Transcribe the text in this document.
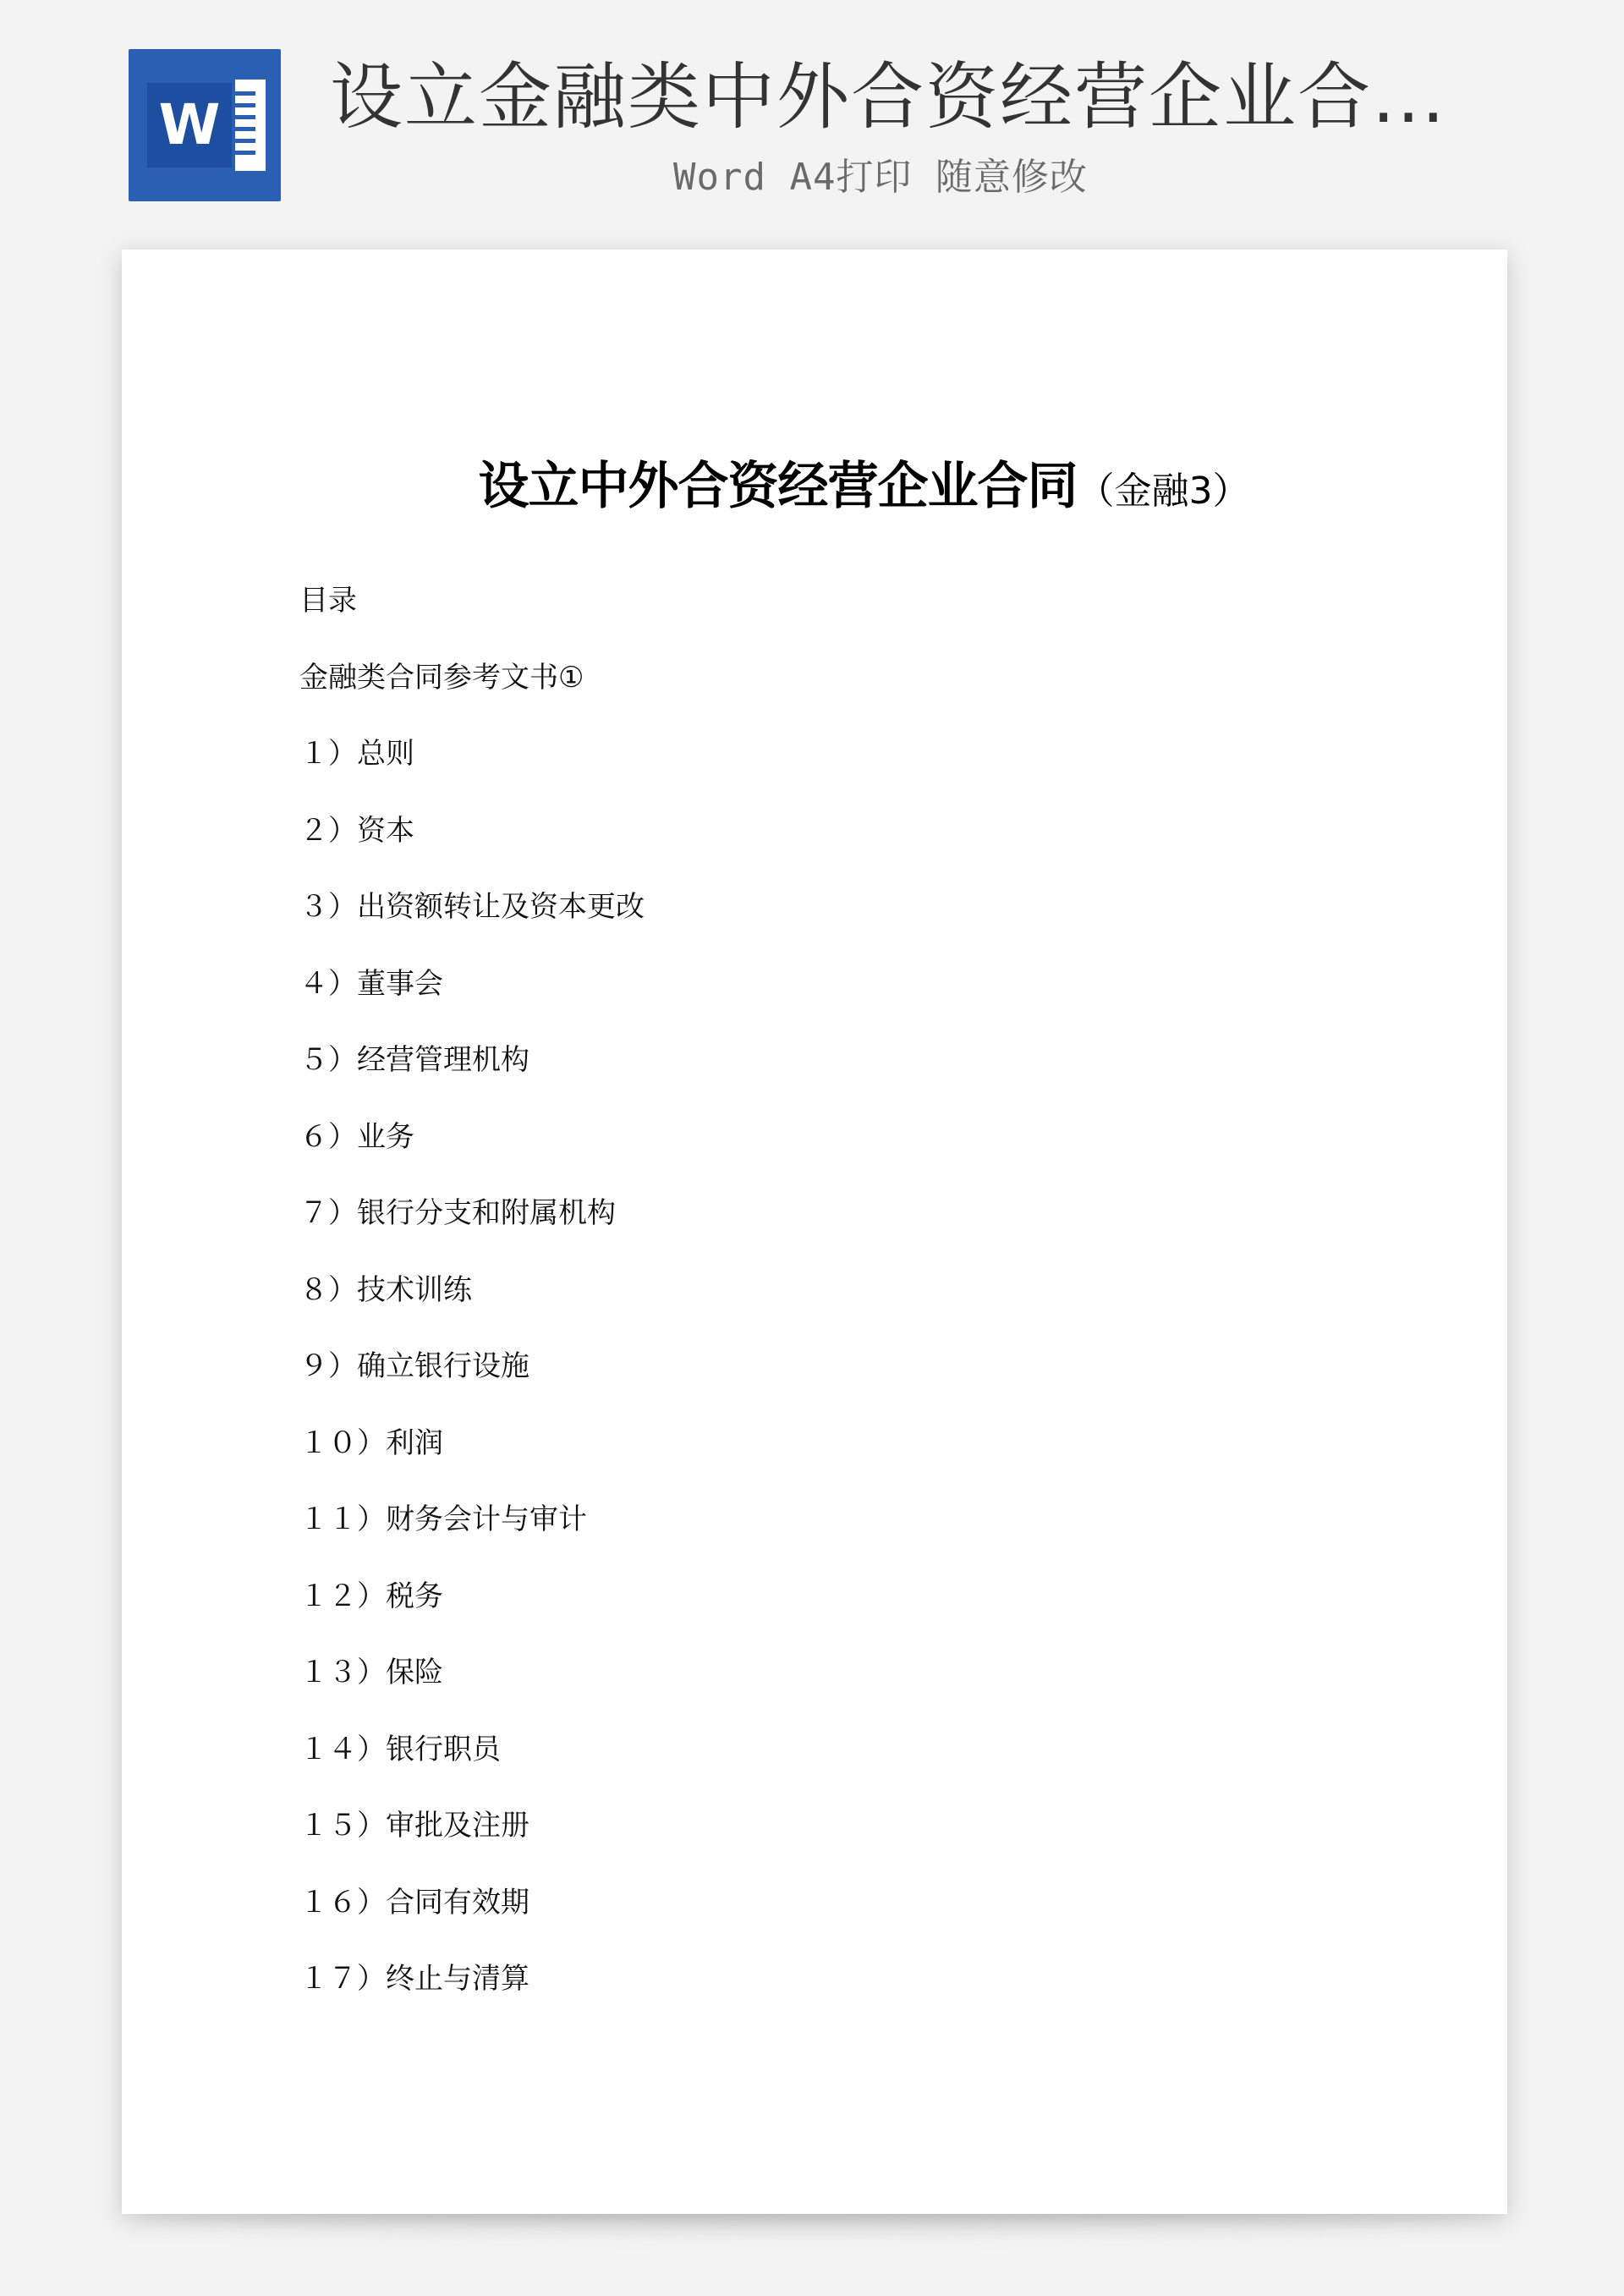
W 设立金融类中外合资经营企业合...
Word A4打印 随意修改
设立中外合资经营企业合同（金融3）
目录
金融类合同参考文书①
１）总则
２）资本
３）出资额转让及资本更改
４）董事会
５）经营管理机构
６）业务
７）银行分支和附属机构
８）技术训练
９）确立银行设施
１０）利润
１１）财务会计与审计
１２）税务
１３）保险
１４）银行职员
１５）审批及注册
１６）合同有效期
１７）终止与清算
